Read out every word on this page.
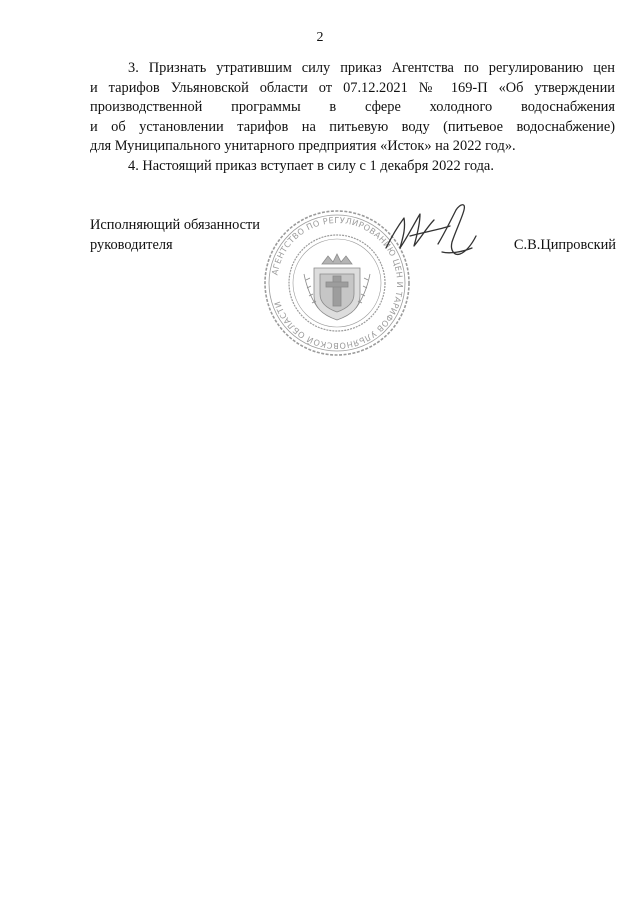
2

3. Признать утратившим силу приказ Агентства по регулированию цен
и тарифов Ульяновской области от 07.12.2021 № 169-П «Об утверждении
производственной программы в сфере холодного водоснабжения
и об установлении тарифов на питьевую воду (питьевое водоснабжение)
для Муниципального унитарного предприятия «Исток» на 2022 год».

4. Настоящий приказ вступает в силу с 1 декабря 2022 года.

Исполняющий обязанности
руководителя
АГЕНТСТВО ПО РЕГУЛИРОВАНИЮ ЦЕН И ТАРИФОВ УЛЬЯНОВСКОЙ ОБЛАСТИ
С.В.Ципровский
